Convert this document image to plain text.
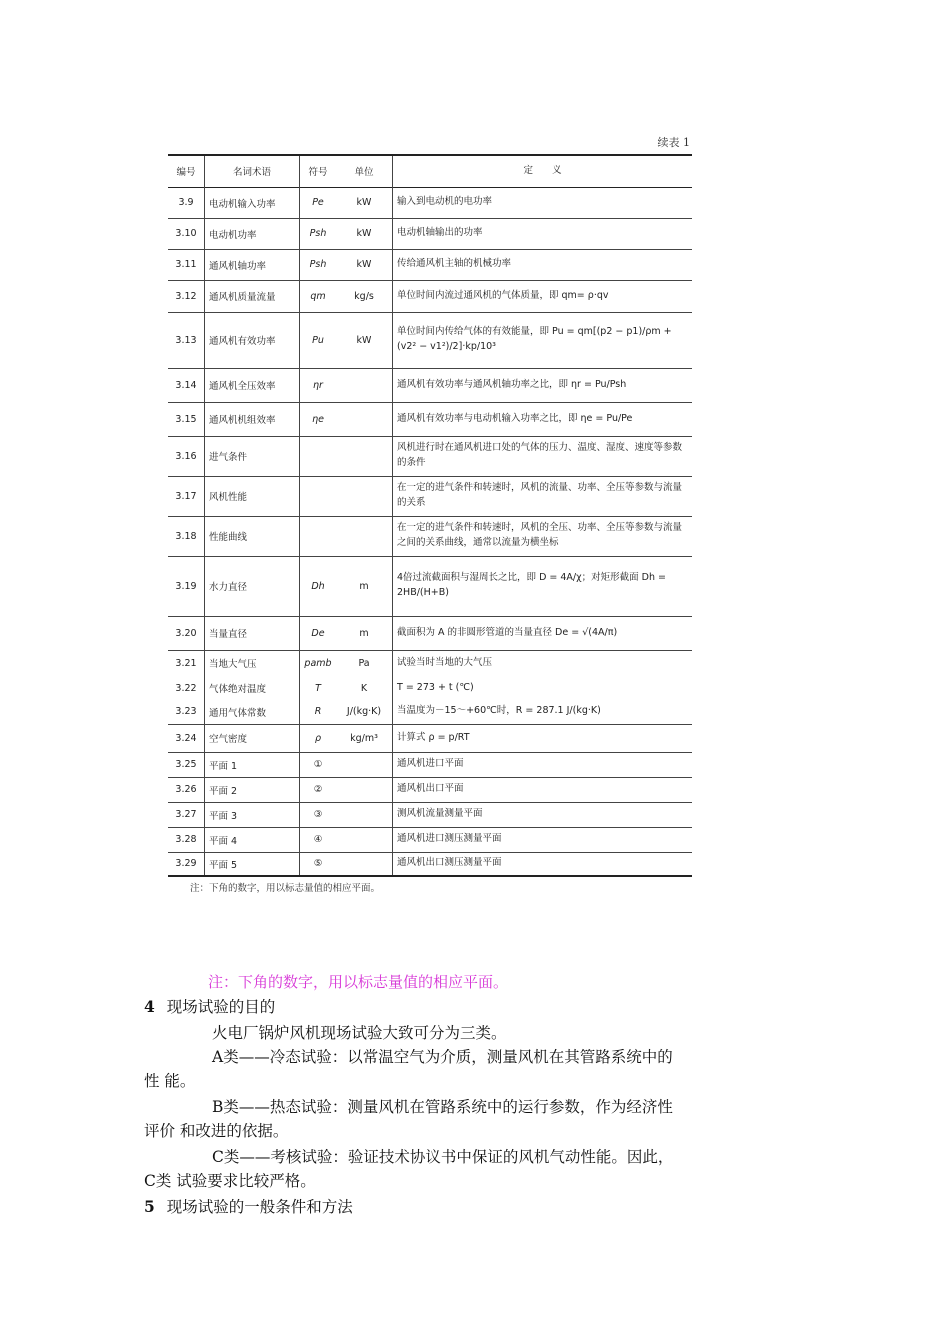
续表 1
编号	名词术语	符号	单位	定　　义
3.9	电动机输入功率	Pe	kW	输入到电动机的电功率
3.10	电动机功率	Psh	kW	电动机轴输出的功率
3.11	通风机轴功率	Psh	kW	传给通风机主轴的机械功率
3.12	通风机质量流量	qm	kg/s	单位时间内流过通风机的气体质量，即 qm= ρ·qv
3.13	通风机有效功率	Pu	kW	单位时间内传给气体的有效能量，即 Pu = qm[(p2 − p1)/ρm + (v2² − v1²)/2]·kp/10³
3.14	通风机全压效率	ηr		通风机有效功率与通风机轴功率之比，即 ηr = Pu/Psh
3.15	通风机机组效率	ηe		通风机有效功率与电动机输入功率之比，即 ηe = Pu/Pe
3.16	进气条件			风机进行时在通风机进口处的气体的压力、温度、湿度、速度等参数的条件
3.17	风机性能			在一定的进气条件和转速时，风机的流量、功率、全压等参数与流量的关系
3.18	性能曲线			在一定的进气条件和转速时，风机的全压、功率、全压等参数与流量之间的关系曲线，通常以流量为横坐标
3.19	水力直径	Dh	m	4倍过流截面积与湿周长之比，即 D = 4A/χ；对矩形截面 Dh = 2HB/(H+B)
3.20	当量直径	De	m	截面积为 A 的非圆形管道的当量直径 De = √(4A/π)
3.21	当地大气压	pamb	Pa	试验当时当地的大气压
3.22	气体绝对温度	T	K	T = 273 + t (℃)
3.23	通用气体常数	R	J/(kg·K)	当温度为－15～+60℃时，R = 287.1 J/(kg·K)
3.24	空气密度	ρ	kg/m³	计算式 ρ = p/RT
3.25	平面 1	①		通风机进口平面
3.26	平面 2	②		通风机出口平面
3.27	平面 3	③		测风机流量测量平面
3.28	平面 4	④		通风机进口测压测量平面
3.29	平面 5	⑤		通风机出口测压测量平面
注：下角的数字，用以标志量值的相应平面。
注：下角的数字，用以标志量值的相应平面。
4 现场试验的目的
火电厂锅炉风机现场试验大致可分为三类。
A类——冷态试验：以常温空气为介质，测量风机在其管路系统中的
性 能。
B类——热态试验：测量风机在管路系统中的运行参数，作为经济性
评价 和改进的依据。
C类——考核试验：验证技术协议书中保证的风机气动性能。因此，
C类 试验要求比较严格。
5 现场试验的一般条件和方法
